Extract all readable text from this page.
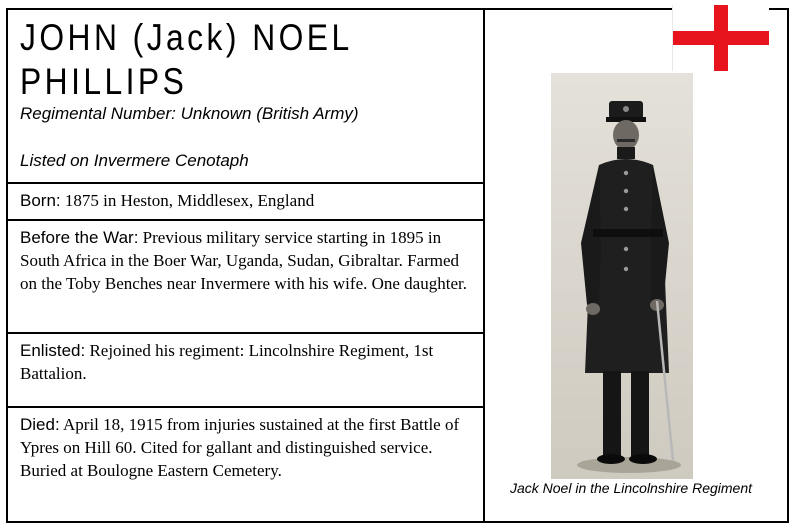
JOHN (Jack) NOEL
PHILLIPS
Regimental Number: Unknown (British Army)
Listed on Invermere Cenotaph
Born: 1875 in Heston, Middlesex, England
Before the War: Previous military service starting in 1895 in South Africa in the Boer War, Uganda, Sudan, Gibraltar. Farmed on the Toby Benches near Invermere with his wife. One daughter.
Enlisted: Rejoined his regiment: Lincolnshire Regiment, 1st Battalion.
Died: April 18, 1915 from injuries sustained at the first Battle of Ypres on Hill 60. Cited for gallant and distinguished service. Buried at Boulogne Eastern Cemetery.
Jack Noel in the Lincolnshire Regiment
